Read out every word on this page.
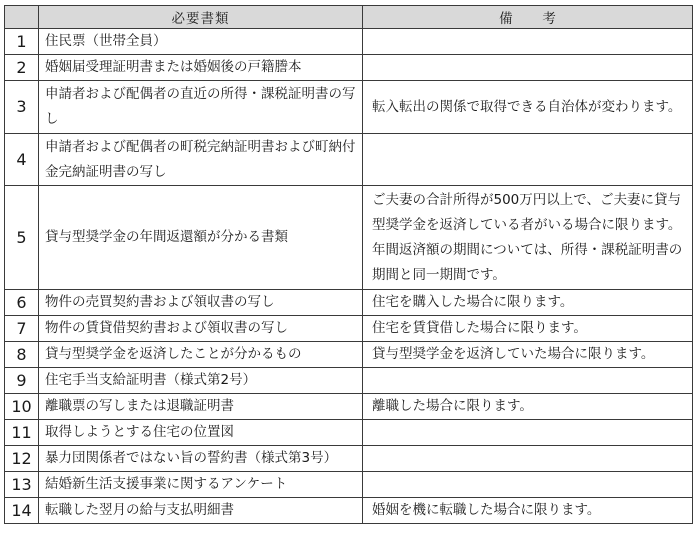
	必要書類	備 考
1	住民票（世帯全員）	
2	婚姻届受理証明書または婚姻後の戸籍謄本	
3	申請者および配偶者の直近の所得・課税証明書の写し	転入転出の関係で取得できる自治体が変わります。
4	申請者および配偶者の町税完納証明書および町納付金完納証明書の写し	
5	貸与型奨学金の年間返還額が分かる書類	ご夫妻の合計所得が500万円以上で、ご夫妻に貸与型奨学金を返済している者がいる場合に限ります。年間返済額の期間については、所得・課税証明書の期間と同一期間です。
6	物件の売買契約書および領収書の写し	住宅を購入した場合に限ります。
7	物件の賃貸借契約書および領収書の写し	住宅を賃貸借した場合に限ります。
8	貸与型奨学金を返済したことが分かるもの	貸与型奨学金を返済していた場合に限ります。
9	住宅手当支給証明書（様式第2号）	
10	離職票の写しまたは退職証明書	離職した場合に限ります。
11	取得しようとする住宅の位置図	
12	暴力団関係者ではない旨の誓約書（様式第3号）	
13	結婚新生活支援事業に関するアンケート	
14	転職した翌月の給与支払明細書	婚姻を機に転職した場合に限ります。
